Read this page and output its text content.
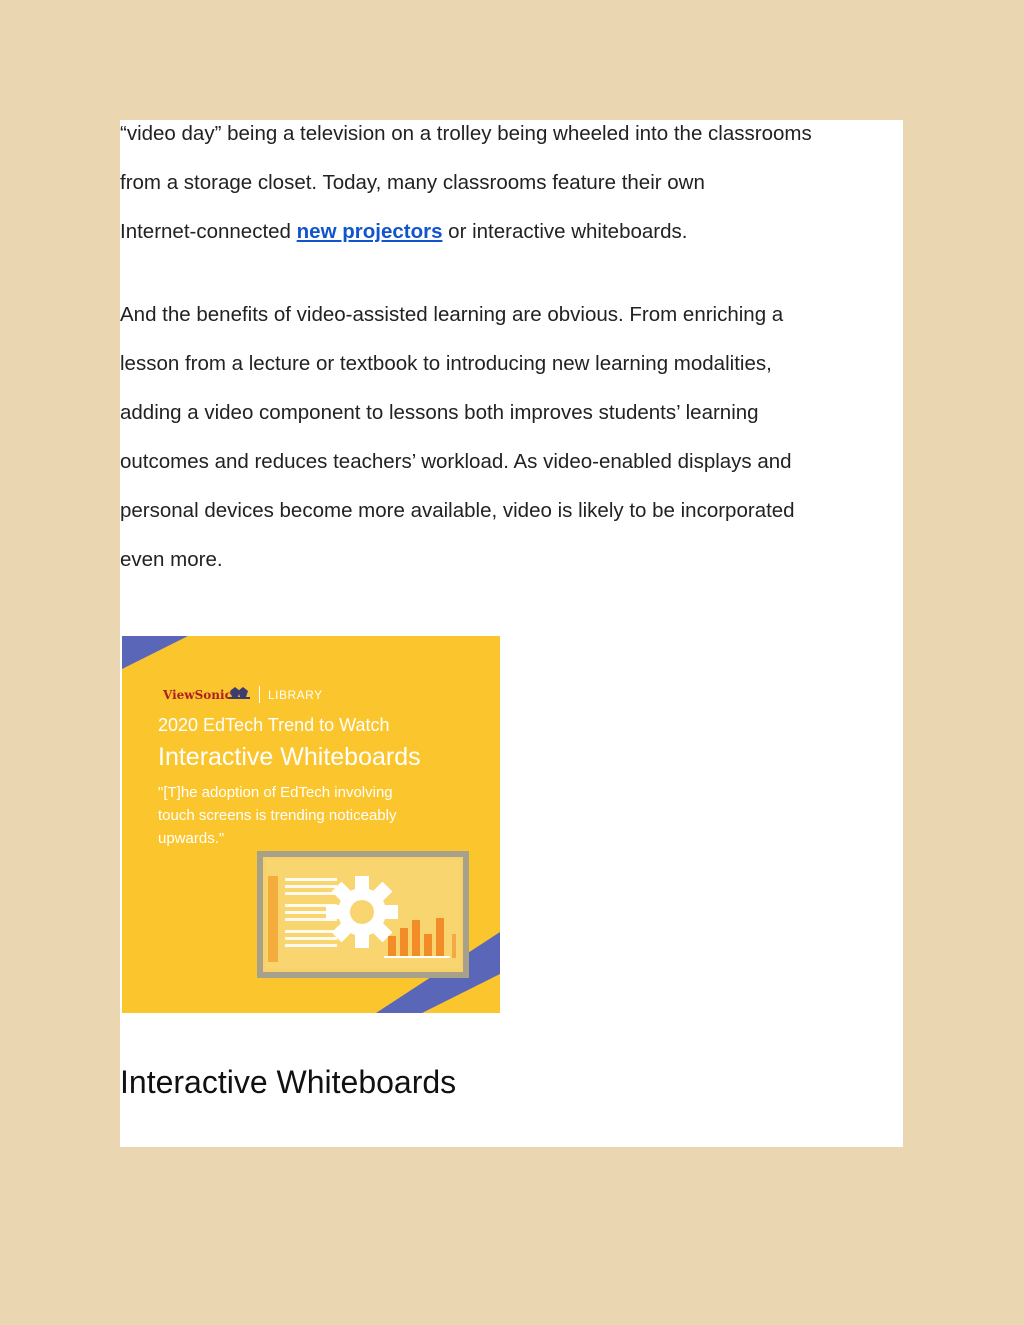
“video day” being a television on a trolley being wheeled into the classrooms
from a storage closet. Today, many classrooms feature their own
Internet-connected new projectors or interactive whiteboards.

And the benefits of video-assisted learning are obvious. From enriching a
lesson from a lecture or textbook to introducing new learning modalities,
adding a video component to lessons both improves students’ learning
outcomes and reduces teachers’ workload. As video-enabled displays and
personal devices become more available, video is likely to be incorporated
even more.

ViewSonic	LIBRARY
2020 EdTech Trend to Watch
Interactive Whiteboards
"[T]he adoption of EdTech involving
touch screens is trending noticeably
upwards."
Interactive Whiteboards
